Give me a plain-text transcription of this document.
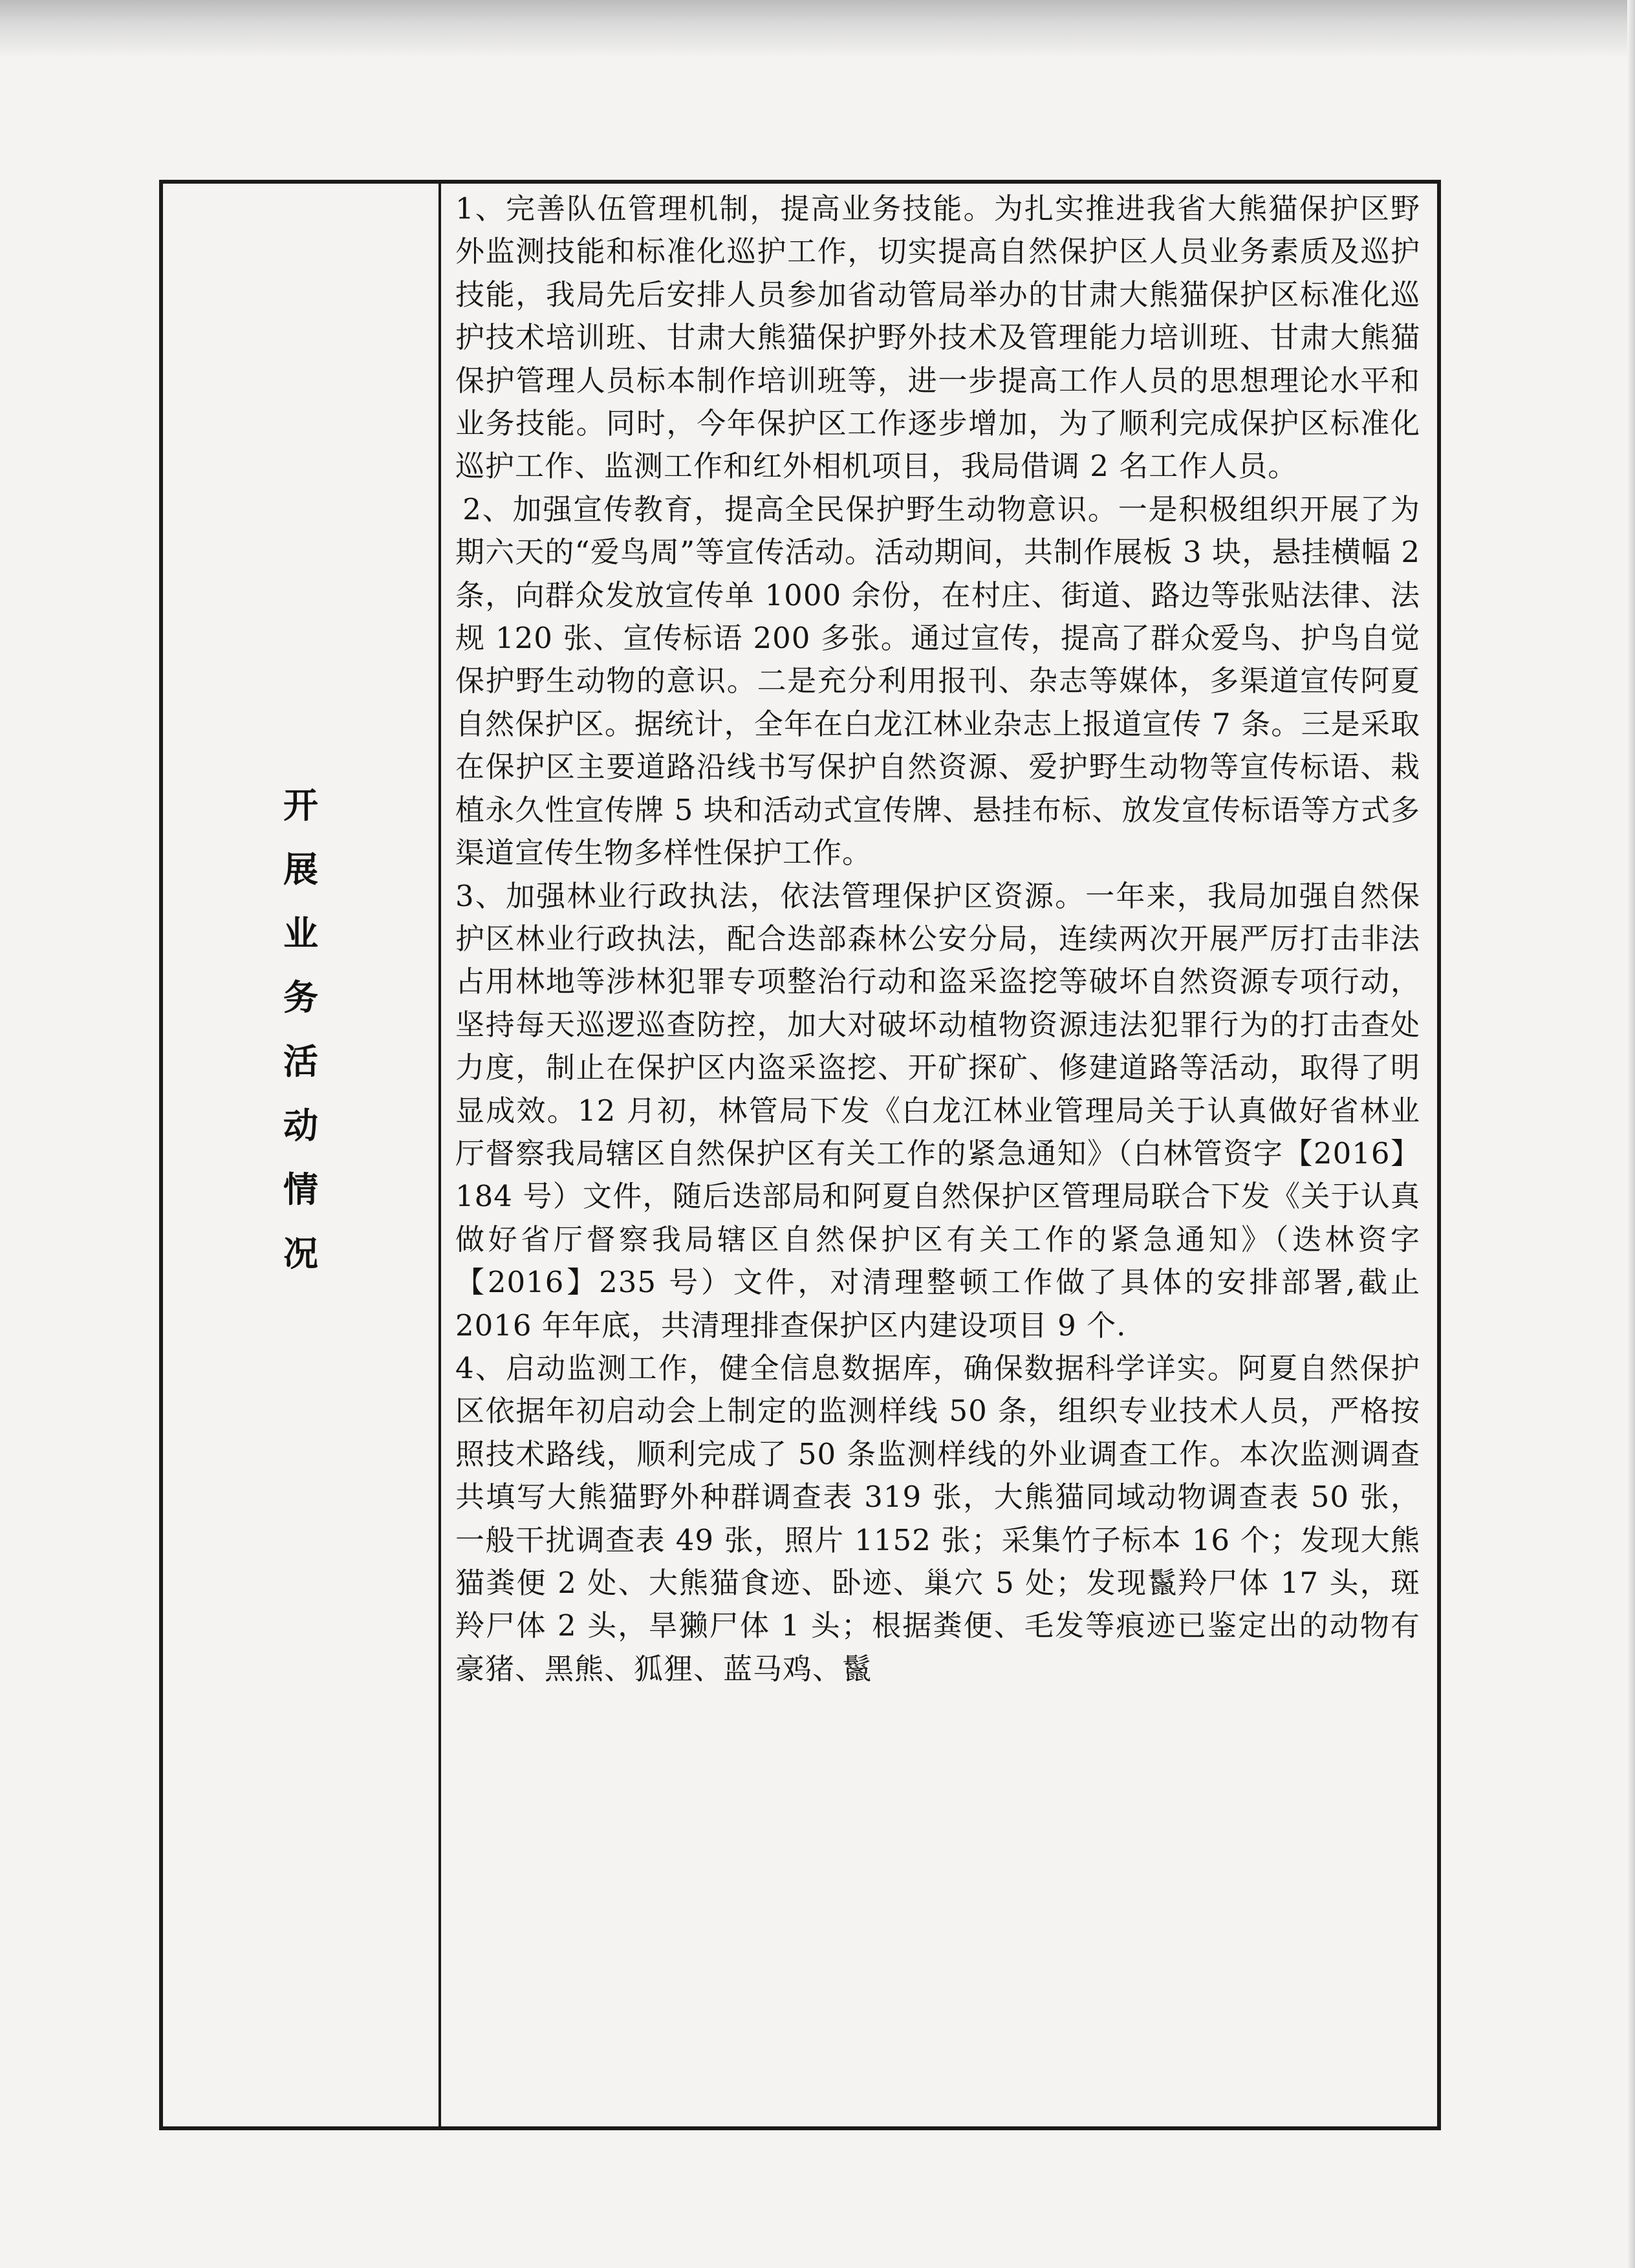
开
展
业
务
活
动
情
况

1、完善队伍管理机制，提高业务技能。为扎实推进我省大熊猫保护区野外监测技能和标准化巡护工作，切实提高自然保护区人员业务素质及巡护技能，我局先后安排人员参加省动管局举办的甘肃大熊猫保护区标准化巡护技术培训班、甘肃大熊猫保护野外技术及管理能力培训班、甘肃大熊猫保护管理人员标本制作培训班等，进一步提高工作人员的思想理论水平和业务技能。同时，今年保护区工作逐步增加，为了顺利完成保护区标准化巡护工作、监测工作和红外相机项目，我局借调 2 名工作人员。

2、加强宣传教育，提高全民保护野生动物意识。一是积极组织开展了为期六天的“爱鸟周”等宣传活动。活动期间，共制作展板 3 块，悬挂横幅 2 条，向群众发放宣传单 1000 余份，在村庄、街道、路边等张贴法律、法规 120 张、宣传标语 200 多张。通过宣传，提高了群众爱鸟、护鸟自觉保护野生动物的意识。二是充分利用报刊、杂志等媒体，多渠道宣传阿夏自然保护区。据统计，全年在白龙江林业杂志上报道宣传 7 条。三是采取在保护区主要道路沿线书写保护自然资源、爱护野生动物等宣传标语、栽植永久性宣传牌 5 块和活动式宣传牌、悬挂布标、放发宣传标语等方式多渠道宣传生物多样性保护工作。

3、加强林业行政执法，依法管理保护区资源。一年来，我局加强自然保护区林业行政执法，配合迭部森林公安分局，连续两次开展严厉打击非法占用林地等涉林犯罪专项整治行动和盗采盗挖等破坏自然资源专项行动，坚持每天巡逻巡查防控，加大对破坏动植物资源违法犯罪行为的打击查处力度，制止在保护区内盗采盗挖、开矿探矿、修建道路等活动，取得了明显成效。12 月初，林管局下发《白龙江林业管理局关于认真做好省林业厅督察我局辖区自然保护区有关工作的紧急通知》（白林管资字【2016】184 号）文件，随后迭部局和阿夏自然保护区管理局联合下发《关于认真做好省厅督察我局辖区自然保护区有关工作的紧急通知》（迭林资字【2016】235 号）文件，对清理整顿工作做了具体的安排部署,截止 2016 年年底，共清理排查保护区内建设项目 9 个.

4、启动监测工作，健全信息数据库，确保数据科学详实。阿夏自然保护区依据年初启动会上制定的监测样线 50 条，组织专业技术人员，严格按照技术路线，顺利完成了 50 条监测样线的外业调查工作。本次监测调查共填写大熊猫野外种群调查表 319 张，大熊猫同域动物调查表 50 张，一般干扰调查表 49 张，照片 1152 张；采集竹子标本 16 个；发现大熊猫粪便 2 处、大熊猫食迹、卧迹、巢穴 5 处；发现鬣羚尸体 17 头，斑羚尸体 2 头，旱獭尸体 1 头；根据粪便、毛发等痕迹已鉴定出的动物有豪猪、黑熊、狐狸、蓝马鸡、鬣
